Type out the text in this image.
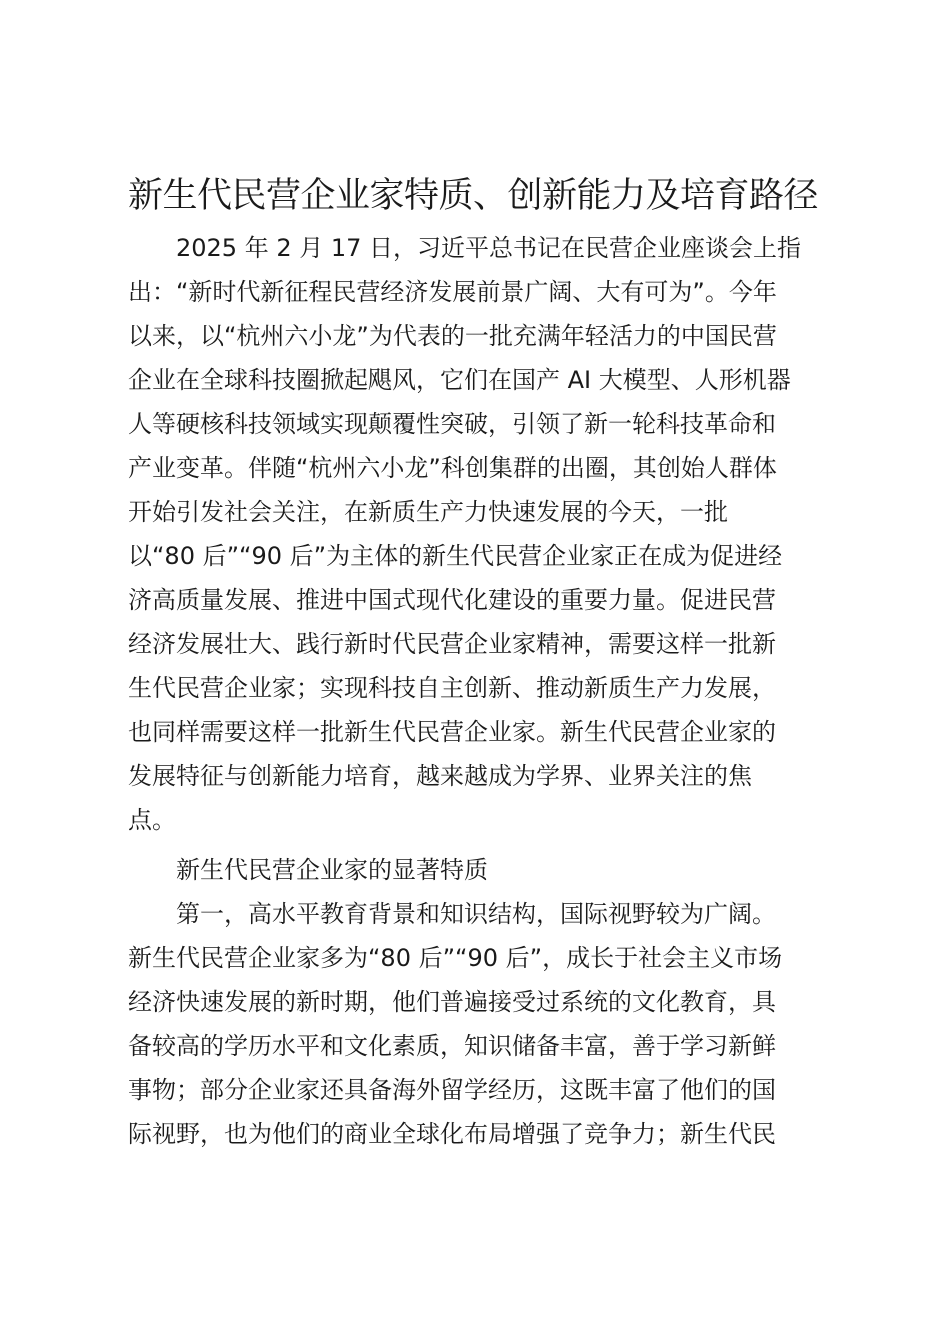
新生代民营企业家特质、创新能力及培育路径
2025 年 2 月 17 日，习近平总书记在民营企业座谈会上指
出：“新时代新征程民营经济发展前景广阔、大有可为”。今年
以来，以“杭州六小龙”为代表的一批充满年轻活力的中国民营
企业在全球科技圈掀起飓风，它们在国产 AI 大模型、人形机器
人等硬核科技领域实现颠覆性突破，引领了新一轮科技革命和
产业变革。伴随“杭州六小龙”科创集群的出圈，其创始人群体
开始引发社会关注，在新质生产力快速发展的今天，一批
以“80 后”“90 后”为主体的新生代民营企业家正在成为促进经
济高质量发展、推进中国式现代化建设的重要力量。促进民营
经济发展壮大、践行新时代民营企业家精神，需要这样一批新
生代民营企业家；实现科技自主创新、推动新质生产力发展，
也同样需要这样一批新生代民营企业家。新生代民营企业家的
发展特征与创新能力培育，越来越成为学界、业界关注的焦
点。
新生代民营企业家的显著特质
第一，高水平教育背景和知识结构，国际视野较为广阔。
新生代民营企业家多为“80 后”“90 后”，成长于社会主义市场
经济快速发展的新时期，他们普遍接受过系统的文化教育，具
备较高的学历水平和文化素质，知识储备丰富，善于学习新鲜
事物；部分企业家还具备海外留学经历，这既丰富了他们的国
际视野，也为他们的商业全球化布局增强了竞争力；新生代民
